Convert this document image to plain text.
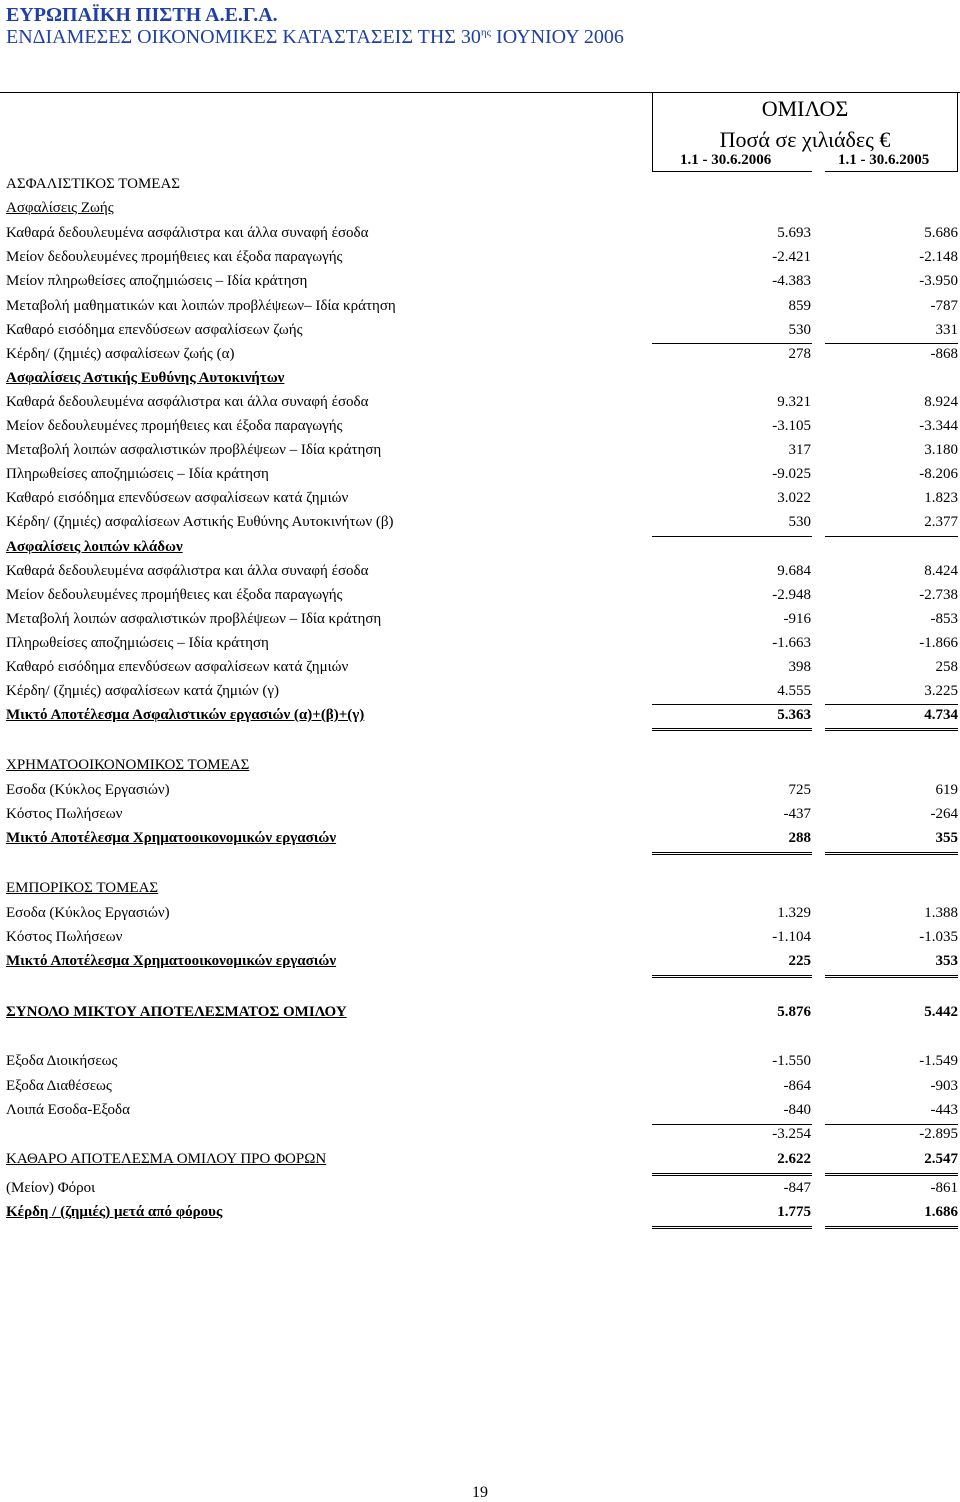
ΕΥΡΩΠΑΪΚΗ ΠΙΣΤΗ Α.Ε.Γ.Α.
ΕΝΔΙΑΜΕΣΕΣ ΟΙΚΟΝΟΜΙΚΕΣ ΚΑΤΑΣΤΑΣΕΙΣ ΤΗΣ $30^{\eta\varsigma}$ ΙΟΥΝΙΟΥ 2006
ΟΜΙΛΟΣ
Ποσά σε χιλιάδες €
1.1 - 30.6.2006	1.1 - 30.6.2005
ΑΣΦΑΛΙΣΤΙΚΟΣ ΤΟΜΕΑΣ
Ασφαλίσεις Ζωής
Καθαρά δεδουλευμένα ασφάλιστρα και άλλα συναφή έσοδα	5.693	5.686
Μείον δεδουλευμένες προμήθειες και έξοδα παραγωγής	-2.421	-2.148
Μείον πληρωθείσες αποζημιώσεις – Ιδία κράτηση	-4.383	-3.950
Μεταβολή μαθηματικών και λοιπών προβλέψεων– Ιδία κράτηση	859	-787
Καθαρό εισόδημα επενδύσεων ασφαλίσεων ζωής	530	331
Κέρδη/ (ζημιές) ασφαλίσεων ζωής (α)	278	-868
Ασφαλίσεις Αστικής Ευθύνης Αυτοκινήτων
Καθαρά δεδουλευμένα ασφάλιστρα και άλλα συναφή έσοδα	9.321	8.924
Μείον δεδουλευμένες προμήθειες και έξοδα παραγωγής	-3.105	-3.344
Μεταβολή λοιπών ασφαλιστικών προβλέψεων – Ιδία κράτηση	317	3.180
Πληρωθείσες αποζημιώσεις – Ιδία κράτηση	-9.025	-8.206
Καθαρό εισόδημα επενδύσεων ασφαλίσεων κατά ζημιών	3.022	1.823
Κέρδη/ (ζημιές) ασφαλίσεων Αστικής Ευθύνης Αυτοκινήτων (β)	530	2.377
Ασφαλίσεις λοιπών κλάδων
Καθαρά δεδουλευμένα ασφάλιστρα και άλλα συναφή έσοδα	9.684	8.424
Μείον δεδουλευμένες προμήθειες και έξοδα παραγωγής	-2.948	-2.738
Μεταβολή λοιπών ασφαλιστικών προβλέψεων – Ιδία κράτηση	-916	-853
Πληρωθείσες αποζημιώσεις – Ιδία κράτηση	-1.663	-1.866
Καθαρό εισόδημα επενδύσεων ασφαλίσεων κατά ζημιών	398	258
Κέρδη/ (ζημιές) ασφαλίσεων κατά ζημιών (γ)	4.555	3.225
Μικτό Αποτέλεσμα Ασφαλιστικών εργασιών (α)+(β)+(γ)	5.363	4.734
ΧΡΗΜΑΤΟΟΙΚΟΝΟΜΙΚΟΣ ΤΟΜΕΑΣ
Εσοδα (Κύκλος Εργασιών)	725	619
Κόστος Πωλήσεων	-437	-264
Μικτό Αποτέλεσμα Χρηματοοικονομικών εργασιών	288	355
ΕΜΠΟΡΙΚΟΣ ΤΟΜΕΑΣ
Εσοδα (Κύκλος Εργασιών)	1.329	1.388
Κόστος Πωλήσεων	-1.104	-1.035
Μικτό Αποτέλεσμα Χρηματοοικονομικών εργασιών	225	353
ΣΥΝΟΛΟ ΜΙΚΤΟΥ ΑΠΟΤΕΛΕΣΜΑΤΟΣ ΟΜΙΛΟΥ	5.876	5.442
Εξοδα Διοικήσεως	-1.550	-1.549
Εξοδα Διαθέσεως	-864	-903
Λοιπά Εσοδα-Εξοδα	-840	-443
-3.254	-2.895
ΚΑΘΑΡΟ ΑΠΟΤΕΛΕΣΜΑ ΟΜΙΛΟΥ ΠΡΟ ΦΟΡΩΝ	2.622	2.547
(Μείον) Φόροι	-847	-861
Κέρδη / (ζημιές) μετά από φόρους	1.775	1.686
19
